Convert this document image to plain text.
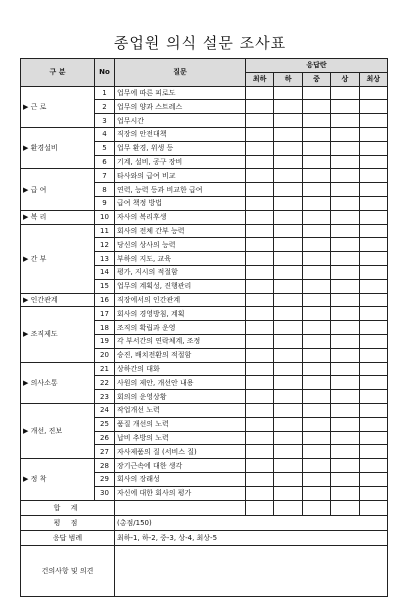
종업원 의식 설문 조사표
구 분	No	질문	응답란				
			최하	하	중	상	최상
▶ 근 로	1	업무에 따른 피로도					
	2	업무의 양과 스트레스					
	3	업무시간					
▶ 환경설비	4	직장의 안전대책					
	5	업무 환경, 위생 등					
	6	기계, 설비, 공구 장비					
▶ 급 여	7	타사와의 급여 비교					
	8	연력, 능력 등과 비교한 급여					
	9	급여 책정 방법					
▶ 복 리	10	자사의 복리후생					
▶ 간 부	11	회사의 전체 간부 능력					
	12	당신의 상사의 능력					
	13	부하의 지도, 교육					
	14	평가, 지시의 적절함					
	15	업무의 계획성, 진행관리					
▶ 인간관계	16	직장에서의 인간관계					
▶ 조직제도	17	회사의 경영방침, 계획					
	18	조직의 확립과 운영					
	19	각 부서간의 연락체계, 조정					
	20	승진, 배치전환의 적절함					
▶ 의사소통	21	상하간의 대화					
	22	사원의 제안, 개선안 내용					
	23	회의의 운영상황					
▶ 개선, 진보	24	작업개선 노력					
	25	품질 개선의 노력					
	26	납비 추방의 노력					
	27	자사제품의 질 (서비스 질)					
▶ 정 착	28	장기근속에 대한 생각					
	29	회사의 장래성					
	30	자신에 대한 회사의 평가					
합 계							
평 점		(총점/150)					
응답 범례		최하-1, 하-2, 중-3, 상-4, 최상-5					
건의사항 및 의견							
